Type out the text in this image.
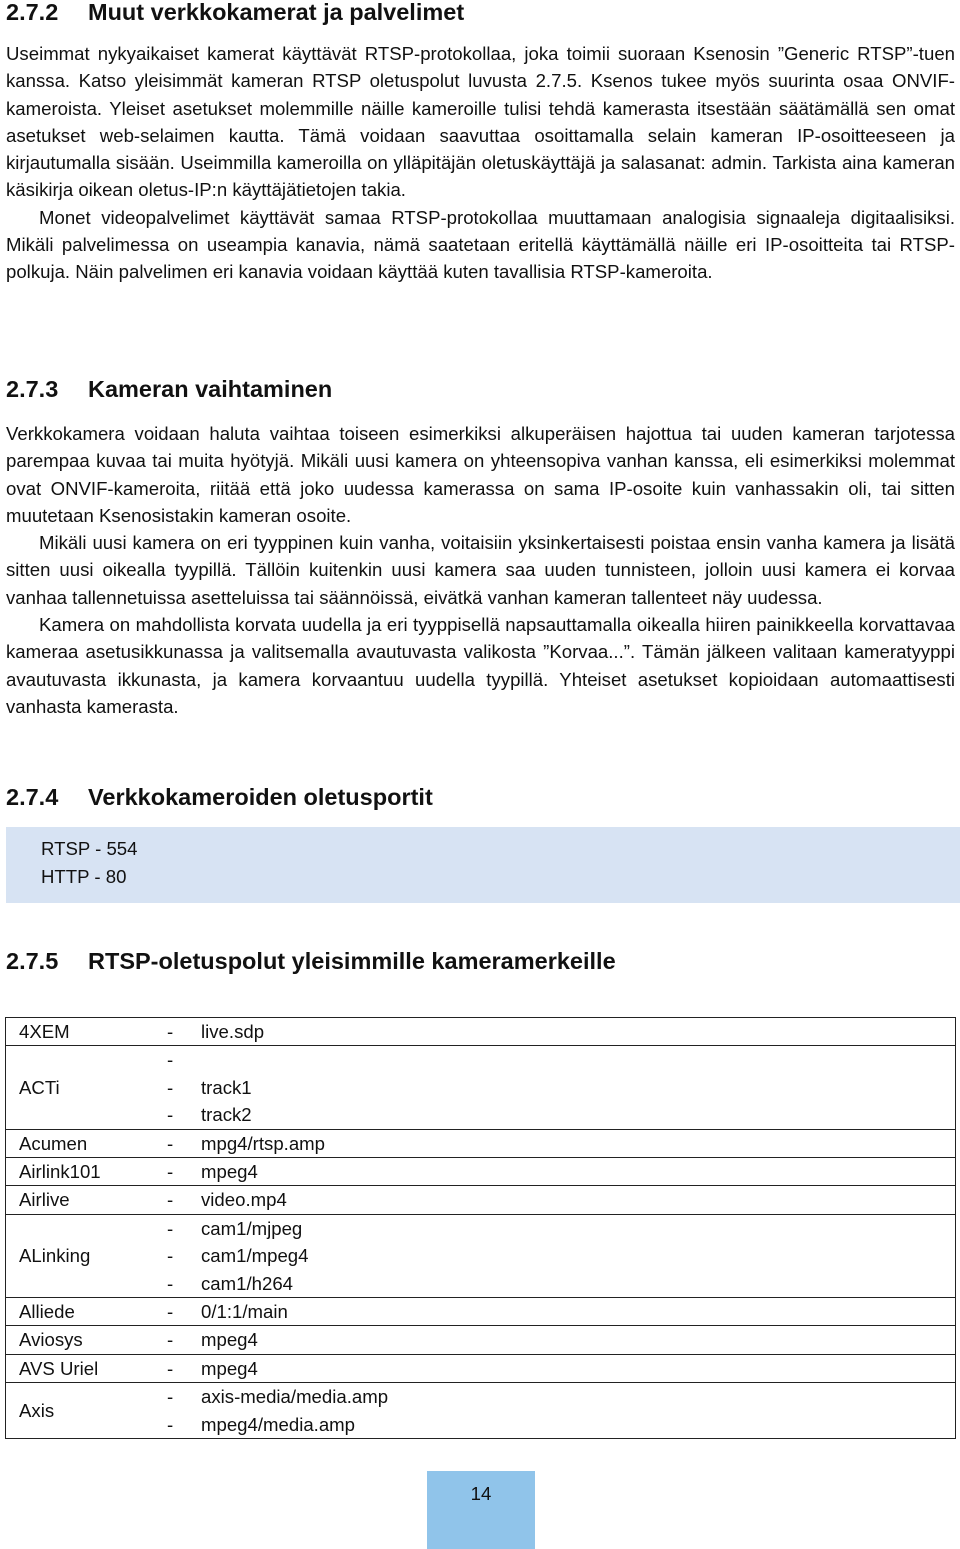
2.7.2 Muut verkkokamerat ja palvelimet

Useimmat nykyaikaiset kamerat käyttävät RTSP-protokollaa, joka toimii suoraan Ksenosin ”Generic RTSP”-tuen kanssa. Katso yleisimmät kameran RTSP oletuspolut luvusta 2.7.5. Ksenos tukee myös suurinta osaa ONVIF-kameroista. Yleiset asetukset molemmille näille kameroille tulisi tehdä kamerasta itsestään säätämällä sen omat asetukset web-selaimen kautta. Tämä voidaan saavuttaa osoittamalla selain kameran IP-osoitteeseen ja kirjautumalla sisään. Useimmilla kameroilla on ylläpitäjän oletuskäyttäjä ja salasanat: admin. Tarkista aina kameran käsikirja oikean oletus-IP:n käyttäjätietojen takia.

Monet videopalvelimet käyttävät samaa RTSP-protokollaa muuttamaan analogisia signaaleja digitaalisiksi. Mikäli palvelimessa on useampia kanavia, nämä saatetaan eritellä käyttämällä näille eri IP-osoitteita tai RTSP-polkuja. Näin palvelimen eri kanavia voidaan käyttää kuten tavallisia RTSP-kameroita.

2.7.3 Kameran vaihtaminen

Verkkokamera voidaan haluta vaihtaa toiseen esimerkiksi alkuperäisen hajottua tai uuden kameran tarjotessa parempaa kuvaa tai muita hyötyjä. Mikäli uusi kamera on yhteensopiva vanhan kanssa, eli esimerkiksi molemmat ovat ONVIF-kameroita, riitää että joko uudessa kamerassa on sama IP-osoite kuin vanhassakin oli, tai sitten muutetaan Ksenosistakin kameran osoite.

Mikäli uusi kamera on eri tyyppinen kuin vanha, voitaisiin yksinkertaisesti poistaa ensin vanha kamera ja lisätä sitten uusi oikealla tyypillä. Tällöin kuitenkin uusi kamera saa uuden tunnisteen, jolloin uusi kamera ei korvaa vanhaa tallennetuissa asetteluissa tai säännöissä, eivätkä vanhan kameran tallenteet näy uudessa.

Kamera on mahdollista korvata uudella ja eri tyyppisellä napsauttamalla oikealla hiiren painikkeella korvattavaa kameraa asetusikkunassa ja valitsemalla avautuvasta valikosta ”Korvaa...”. Tämän jälkeen valitaan kameratyyppi avautuvasta ikkunasta, ja kamera korvaantuu uudella tyypillä. Yhteiset asetukset kopioidaan automaattisesti vanhasta kamerasta.

2.7.4 Verkkokameroiden oletusportit
RTSP - 554
HTTP - 80
2.7.5 RTSP-oletuspolut yleisimmille kameramerkeille
4XEM	-	live.sdp
ACTi	-	
	-	track1
	-	track2
Acumen	-	mpg4/rtsp.amp
Airlink101	-	mpeg4
Airlive	-	video.mp4
ALinking	-	cam1/mjpeg
	-	cam1/mpeg4
	-	cam1/h264
Alliede	-	0/1:1/main
Aviosys	-	mpeg4
AVS Uriel	-	mpeg4
Axis	-	axis-media/media.amp
	-	mpeg4/media.amp
14
